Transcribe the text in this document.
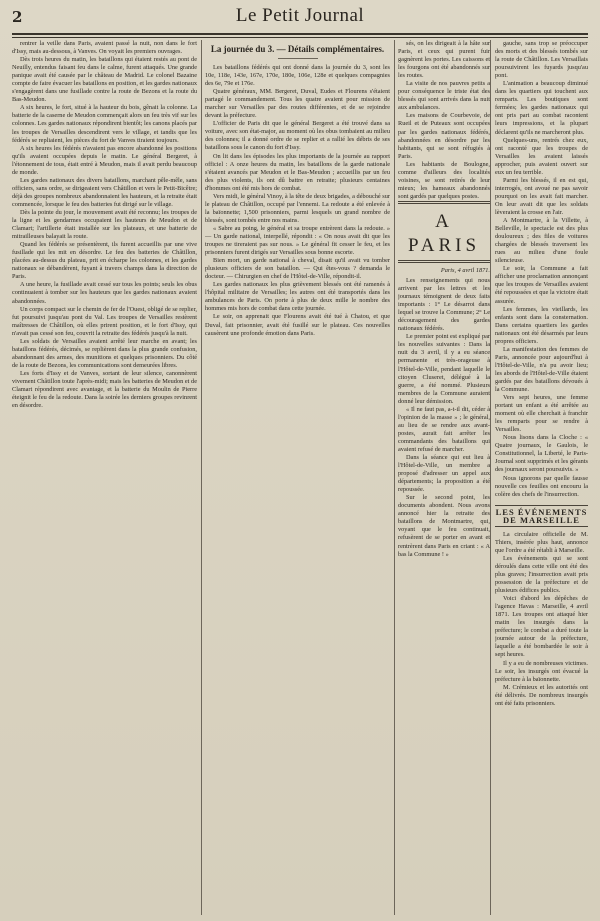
2	Le Petit Journal

rentrer la veille dans Paris, avaient passé la nuit, non dans le fort d'Issy, mais au-dessous, à Vanves. On voyait les premiers ouvrages.

Dès trois heures du matin, les bataillons qui étaient restés au pont de Neuilly, entendus faisant feu dans le calme, furent attaqués. Une grande panique avait été causée par le château de Madrid. Le colonel Bazaine compte de faire évacuer les bataillons en position, et les gardes nationaux s'engagèrent dans une fusillade contre la route de Bezons et la route du Bas-Meudon.

A six heures, le fort, situé à la hauteur du bois, gênait la colonne. La batterie de la caserne de Meudon commençait alors un feu très vif sur les colonnes. Les gardes nationaux répondirent bientôt; les canons placés par les troupes de Versailles descendirent vers le village, et tandis que les fédérés se repliaient, les pièces du fort de Vanves tiraient toujours.

A six heures les fédérés n'avaient pas encore abandonné les positions qu'ils avaient occupées depuis le matin. Le général Bergeret, à l'étonnement de tous, était entré à Meudon, mais il avait perdu beaucoup de monde.

Les gardes nationaux des divers bataillons, marchant pêle-mêle, sans officiers, sans ordre, se dirigeaient vers Châtillon et vers le Petit-Bicêtre; déjà des groupes nombreux abandonnaient les hauteurs, et la retraite était commencée, lorsque le feu des batteries fut dirigé sur le village.

Dès la pointe du jour, le mouvement avait été reconnu; les troupes de la ligne et les gendarmes occupaient les hauteurs de Meudon et de Clamart; l'artillerie était installée sur les plateaux, et une batterie de mitrailleuses balayait la route.

Quand les fédérés se présentèrent, ils furent accueillis par une vive fusillade qui les mit en désordre. Le feu des batteries de Châtillon, placées au-dessus du plateau, prit en écharpe les colonnes, et les gardes nationaux se débandèrent, fuyant à travers champs dans la direction de Paris.

A une heure, la fusillade avait cessé sur tous les points; seuls les obus continuaient à tomber sur les hauteurs que les gardes nationaux avaient abandonnées.

Un corps compact sur le chemin de fer de l'Ouest, obligé de se replier, fut poursuivi jusqu'au pont du Val. Les troupes de Versailles restèrent maîtresses de Châtillon, où elles prirent position, et le fort d'Issy, qui n'avait pas cessé son feu, couvrit la retraite des fédérés jusqu'à la nuit.

Les soldats de Versailles avaient arrêté leur marche en avant; les bataillons fédérés, décimés, se replièrent dans la plus grande confusion, abandonnant des armes, des munitions et quelques prisonniers. Du côté de la route de Bezons, les communications sont demeurées libres.

Les forts d'Issy et de Vanves, sortant de leur silence, canonnèrent vivement Châtillon toute l'après-midi; mais les batteries de Meudon et de Clamart répondirent avec avantage, et la batterie du Moulin de Pierre éteignit le feu de la redoute. Dans la soirée les derniers groupes revinrent en désordre.

La journée du 3. — Détails complémentaires.

Les bataillons fédérés qui ont donné dans la journée du 3, sont les 10e, 118e, 143e, 167e, 170e, 180e, 106e, 128e et quelques compagnies des 6e, 79e et 176e.

Quatre généraux, MM. Bergeret, Duval, Eudes et Flourens s'étaient partagé le commandement. Tous les quatre avaient pour mission de marcher sur Versailles par des routes différentes, et de se rejoindre devant la préfecture.

L'officier de Paris dit que le général Bergeret a été trouvé dans sa voiture, avec son état-major, au moment où les obus tombaient au milieu des colonnes; il a donné ordre de se replier et a rallié les débris de ses bataillons sous le canon du fort d'Issy.

On lit dans les épisodes les plus importants de la journée au rapport officiel : A onze heures du matin, les bataillons de la garde nationale s'étaient avancés par Meudon et le Bas-Meudon ; accueillis par un feu des plus violents, ils ont dû battre en retraite; plusieurs centaines d'hommes ont été mis hors de combat.

Vers midi, le général Vinoy, à la tête de deux brigades, a débouché sur le plateau de Châtillon, occupé par l'ennemi. La redoute a été enlevée à la baïonnette; 1,500 prisonniers, parmi lesquels un grand nombre de blessés, sont tombés entre nos mains.

« Sabre au poing, le général et sa troupe entrèrent dans la redoute. » — Un garde national, interpellé, répondit : « On nous avait dit que les troupes ne tireraient pas sur nous. » Le général fit cesser le feu, et les prisonniers furent dirigés sur Versailles sous bonne escorte.

Bien mort, un garde national à cheval, disait qu'il avait vu tomber plusieurs officiers de son bataillon. — Qui êtes-vous ? demanda le docteur. — Chirurgien en chef de l'Hôtel-de-Ville, répondit-il.

Les gardes nationaux les plus grièvement blessés ont été ramenés à l'hôpital militaire de Versailles; les autres ont été transportés dans les ambulances de Paris. On porte à plus de deux mille le nombre des hommes mis hors de combat dans cette journée.

Le soir, on apprenait que Flourens avait été tué à Chatou, et que Duval, fait prisonnier, avait été fusillé sur le plateau. Ces nouvelles causèrent une profonde émotion dans Paris.

sés, on les dirigeait à la hâte sur Paris, et ceux qui purent fuir gagnèrent les portes. Les caissons et les fourgons ont été abandonnés sur les routes.

La visite de nos pauvres petits a pour conséquence le triste état des blessés qui sont arrivés dans la nuit aux ambulances.

Les maisons de Courbevoie, de Rueil et de Puteaux sont occupées par les gardes nationaux fédérés, abandonnées en désordre par les habitants, qui se sont réfugiés à Paris.

Les habitants de Boulogne, comme d'ailleurs des localités voisines, se sont retirés de leur mieux; les hameaux abandonnés sont gardés par quelques postes.

A PARIS
Paris, 4 avril 1871.

Les renseignements qui nous arrivent par les lettres et les journaux témoignent de deux faits importants : 1° Le désarroi dans lequel se trouve la Commune; 2° Le découragement des gardes nationaux fédérés.

Le premier point est expliqué par les nouvelles suivantes : Dans la nuit du 3 avril, il y a eu séance permanente et très-orageuse à l'Hôtel-de-Ville, pendant laquelle le citoyen Cluseret, délégué à la guerre, a été nommé. Plusieurs membres de la Commune auraient donné leur démission.

« Il ne faut pas, a-t-il dit, céder à l'opinion de la masse » ; le général, au lieu de se rendre aux avant-postes, aurait fait arrêter les commandants des bataillons qui avaient refusé de marcher.

Dans la séance qui eut lieu à l'Hôtel-de-Ville, un membre a proposé d'adresser un appel aux départements; la proposition a été repoussée.

Sur le second point, les documents abondent. Nous avons annoncé hier la retraite des bataillons de Montmartre, qui, voyant que le feu continuait, refusèrent de se porter en avant et rentrèrent dans Paris en criant : « A bas la Commune ! »

gauche, sans trop se préoccuper des morts et des blessés tombés sur la route de Châtillon. Les Versaillais poursuivirent les fuyards jusqu'au pont.

L'animation a beaucoup diminué dans les quartiers qui touchent aux remparts. Les boutiques sont fermées; les gardes nationaux qui ont pris part au combat racontent leurs impressions, et la plupart déclarent qu'ils ne marcheront plus.

Quelques-uns, rentrés chez eux, ont raconté que les troupes de Versailles les avaient laissés approcher, puis avaient ouvert sur eux un feu terrible.

Parmi les blessés, il en est qui, interrogés, ont avoué ne pas savoir pourquoi on les avait fait marcher. On leur avait dit que les soldats lèveraient la crosse en l'air.

A Montmartre, à la Villette, à Belleville, le spectacle est des plus douloureux ; des files de voitures chargées de blessés traversent les rues au milieu d'une foule silencieuse.

Le soir, la Commune a fait afficher une proclamation annonçant que les troupes de Versailles avaient été repoussées et que la victoire était assurée.

Les femmes, les vieillards, les enfants sont dans la consternation. Dans certains quartiers les gardes nationaux ont été désarmés par leurs propres officiers.

La manifestation des femmes de Paris, annoncée pour aujourd'hui à l'Hôtel-de-Ville, n'a pu avoir lieu; les abords de l'Hôtel-de-Ville étaient gardés par des bataillons dévoués à la Commune.

Vers sept heures, une femme portant un enfant a été arrêtée au moment où elle cherchait à franchir les remparts pour se rendre à Versailles.

Nous lisons dans la Cloche : « Quatre journaux, le Gaulois, le Constitutionnel, la Liberté, le Paris-Journal sont supprimés et les gérants des journaux seront poursuivis. »

Nous ignorons par quelle fausse nouvelle ces feuilles ont encouru la colère des chefs de l'insurrection.

LES ÉVÉNEMENTS DE MARSEILLE

La circulaire officielle de M. Thiers, insérée plus haut, annonce que l'ordre a été rétabli à Marseille.

Les événements qui se sont déroulés dans cette ville ont été des plus graves; l'insurrection avait pris possession de la préfecture et de plusieurs édifices publics.

Voici d'abord les dépêches de l'agence Havas : Marseille, 4 avril 1871. Les troupes ont attaqué hier matin les insurgés dans la préfecture; le combat a duré toute la journée autour de la préfecture, laquelle a été bombardée le soir à sept heures.

Il y a eu de nombreuses victimes. Le soir, les insurgés ont évacué la préfecture à la baïonnette.

M. Crémieux et les autorités ont été délivrés. De nombreux insurgés ont été faits prisonniers.
